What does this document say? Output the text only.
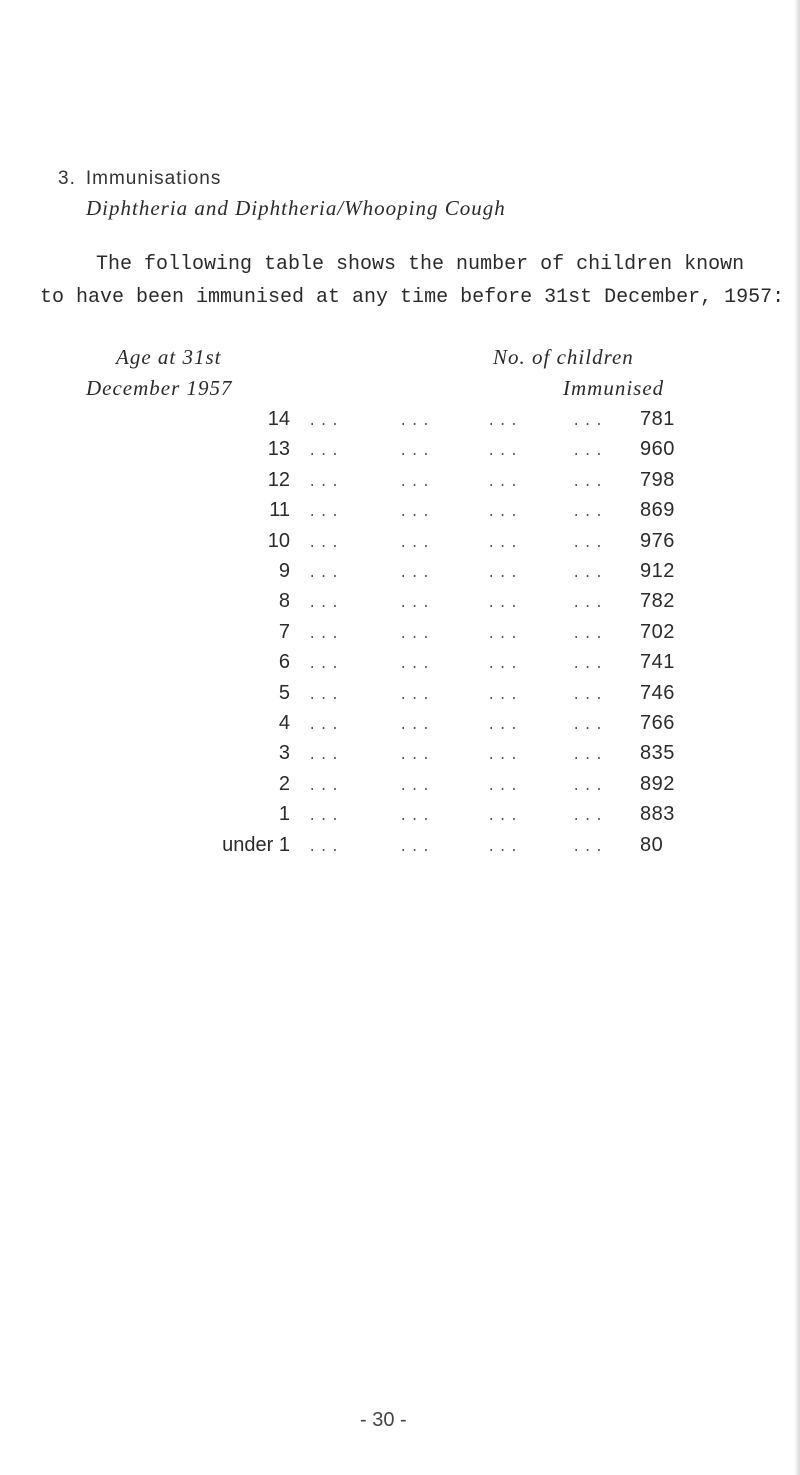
3. Immunisations
Diphtheria and Diphtheria/Whooping Cough
The following table shows the number of children known
to have been immunised at any time before 31st December, 1957:
Age at 31st
December 1957
No. of children
Immunised
14 ...	...	...	... 781
13 ...	...	...	... 960
12 ...	...	...	... 798
11 ...	...	...	... 869
10 ...	...	...	... 976
9 ...	...	...	... 912
8 ...	...	...	... 782
7 ...	...	...	... 702
6 ...	...	...	... 741
5 ...	...	...	... 746
4 ...	...	...	... 766
3 ...	...	...	... 835
2 ...	...	...	... 892
1 ...	...	...	... 883
under 1 ...	...	...	... 80
- 30 -
